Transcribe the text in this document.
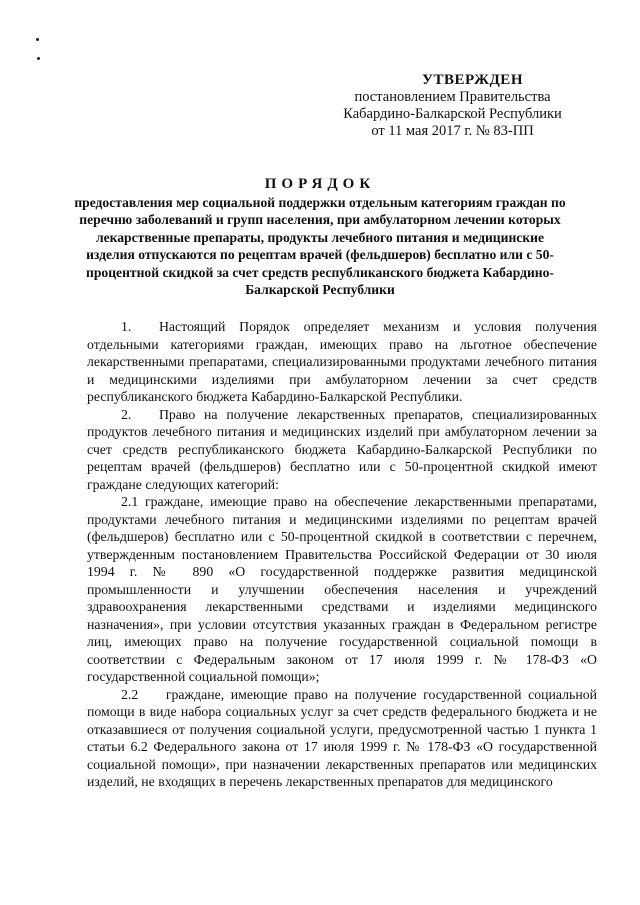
УТВЕРЖДЕН
постановлением Правительства
Кабардино-Балкарской Республики
от 11 мая 2017 г. № 83-ПП
ПОРЯДОК
предоставления мер социальной поддержки отдельным категориям граждан по перечню заболеваний и групп населения, при амбулаторном лечении которых лекарственные препараты, продукты лечебного питания и медицинские изделия отпускаются по рецептам врачей (фельдшеров) бесплатно или с 50-процентной скидкой за счет средств республиканского бюджета Кабардино-Балкарской Республики

1.  Настоящий Порядок определяет механизм и условия получения отдельными категориями граждан, имеющих право на льготное обеспечение лекарственными препаратами, специализированными продуктами лечебного питания и медицинскими изделиями при амбулаторном лечении за счет средств республиканского бюджета Кабардино-Балкарской Республики.

2.  Право на получение лекарственных препаратов, специализированных продуктов лечебного питания и медицинских изделий при амбулаторном лечении за счет средств республиканского бюджета Кабардино-Балкарской Республики по рецептам врачей (фельдшеров) бесплатно или с 50-процентной скидкой имеют граждане следующих категорий:

2.1 граждане, имеющие право на обеспечение лекарственными препаратами, продуктами лечебного питания и медицинскими изделиями по рецептам врачей (фельдшеров) бесплатно или с 50-процентной скидкой в соответствии с перечнем, утвержденным постановлением Правительства Российской Федерации от 30 июля 1994 г. № 890 «О государственной поддержке развития медицинской промышленности и улучшении обеспечения населения и учреждений здравоохранения лекарственными средствами и изделиями медицинского назначения», при условии отсутствия указанных граждан в Федеральном регистре лиц, имеющих право на получение государственной социальной помощи в соответствии с Федеральным законом от 17 июля 1999 г. № 178-ФЗ «О государственной социальной помощи»;

2.2  граждане, имеющие право на получение государственной социальной помощи в виде набора социальных услуг за счет средств федерального бюджета и не отказавшиеся от получения социальной услуги, предусмотренной частью 1 пункта 1 статьи 6.2 Федерального закона от 17 июля 1999 г. № 178-ФЗ «О государственной социальной помощи», при назначении лекарственных препаратов или медицинских изделий, не входящих в перечень лекарственных препаратов для медицинского
